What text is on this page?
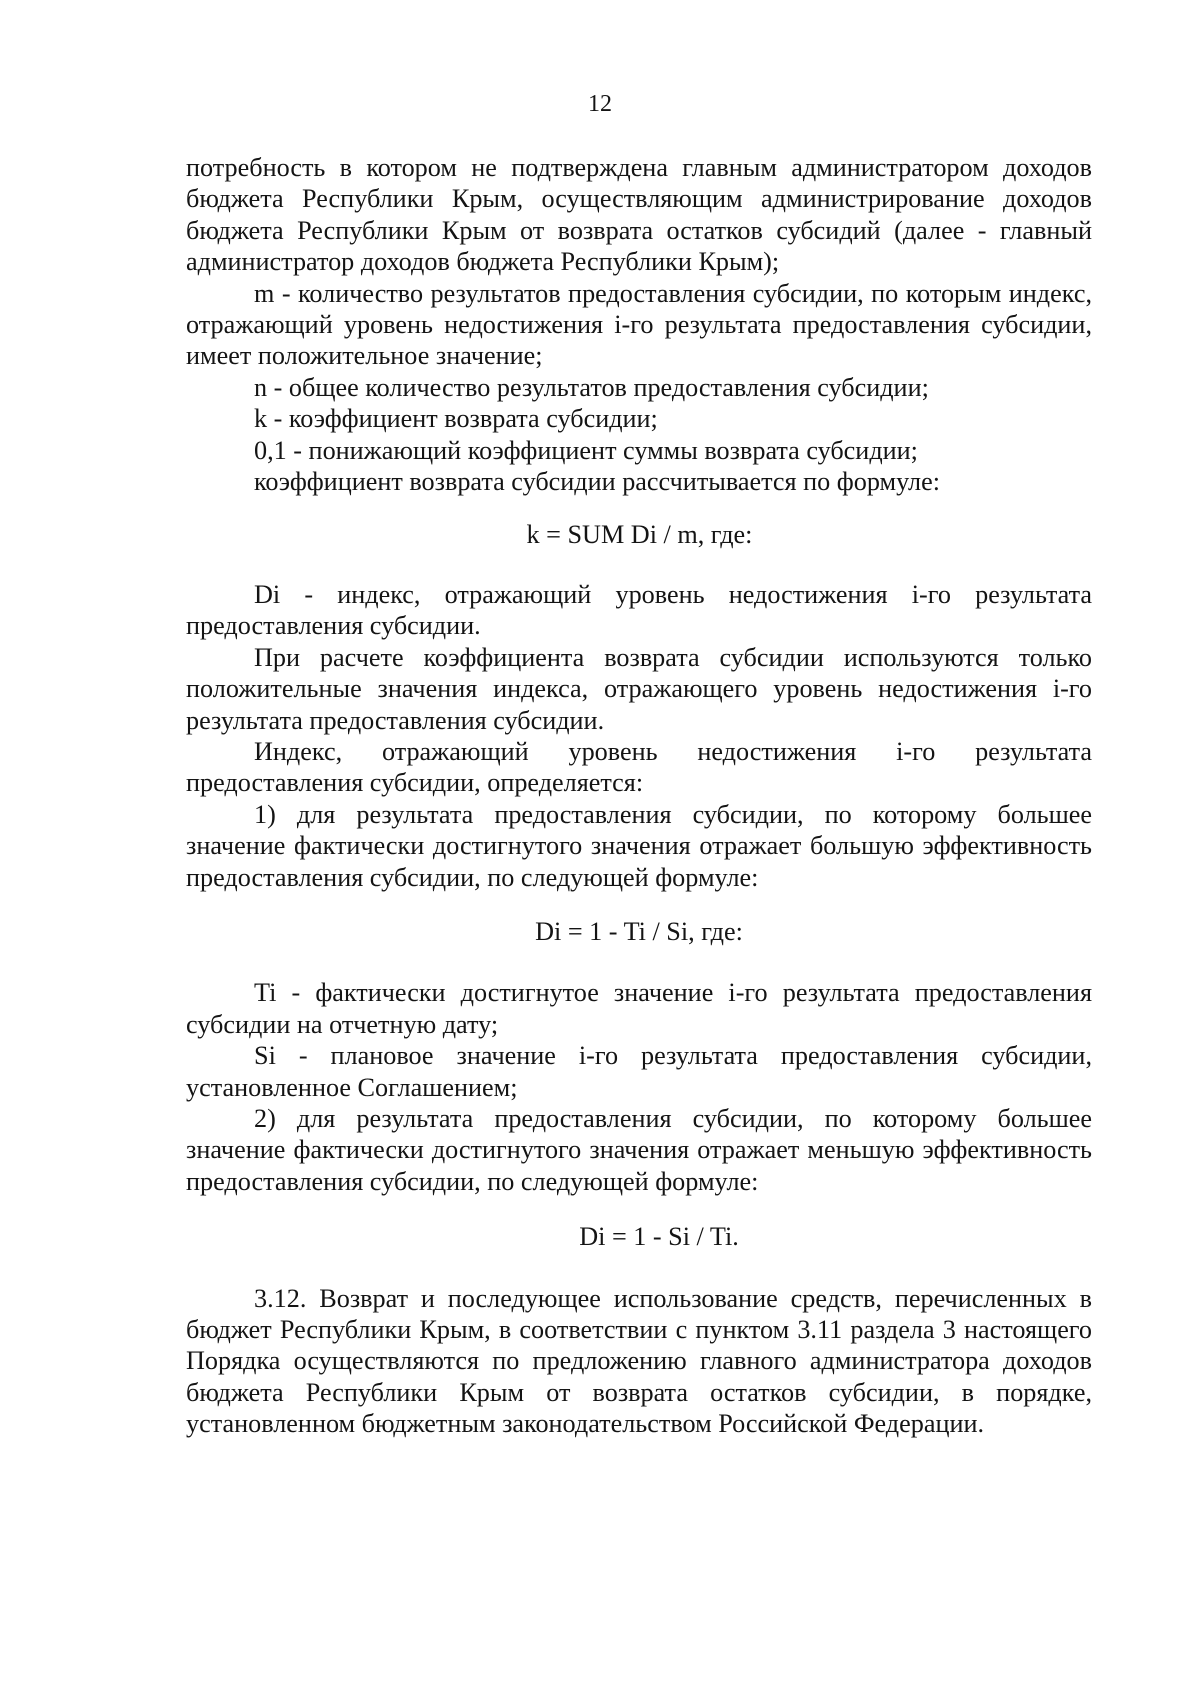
12

потребность в котором не подтверждена главным администратором доходов бюджета Республики Крым, осуществляющим администрирование доходов бюджета Республики Крым от возврата остатков субсидий (далее - главный администратор доходов бюджета Республики Крым);

m - количество результатов предоставления субсидии, по которым индекс, отражающий уровень недостижения i-го результата предоставления субсидии, имеет положительное значение;

n - общее количество результатов предоставления субсидии;

k - коэффициент возврата субсидии;

0,1 - понижающий коэффициент суммы возврата субсидии;

коэффициент возврата субсидии рассчитывается по формуле:

k = SUM Di / m, где:

Di - индекс, отражающий уровень недостижения i-го результата предоставления субсидии.

При расчете коэффициента возврата субсидии используются только положительные значения индекса, отражающего уровень недостижения i-го результата предоставления субсидии.

Индекс, отражающий уровень недостижения i-го результата предоставления субсидии, определяется:

1) для результата предоставления субсидии, по которому большее значение фактически достигнутого значения отражает большую эффективность предоставления субсидии, по следующей формуле:

Di = 1 - Ti / Si, где:

Ti - фактически достигнутое значение i-го результата предоставления субсидии на отчетную дату;

Si - плановое значение i-го результата предоставления субсидии, установленное Соглашением;

2) для результата предоставления субсидии, по которому большее значение фактически достигнутого значения отражает меньшую эффективность предоставления субсидии, по следующей формуле:

Di = 1 - Si / Ti.

3.12. Возврат и последующее использование средств, перечисленных в бюджет Республики Крым, в соответствии с пунктом 3.11 раздела 3 настоящего Порядка осуществляются по предложению главного администратора доходов бюджета Республики Крым от возврата остатков субсидии, в порядке, установленном бюджетным законодательством Российской Федерации.
